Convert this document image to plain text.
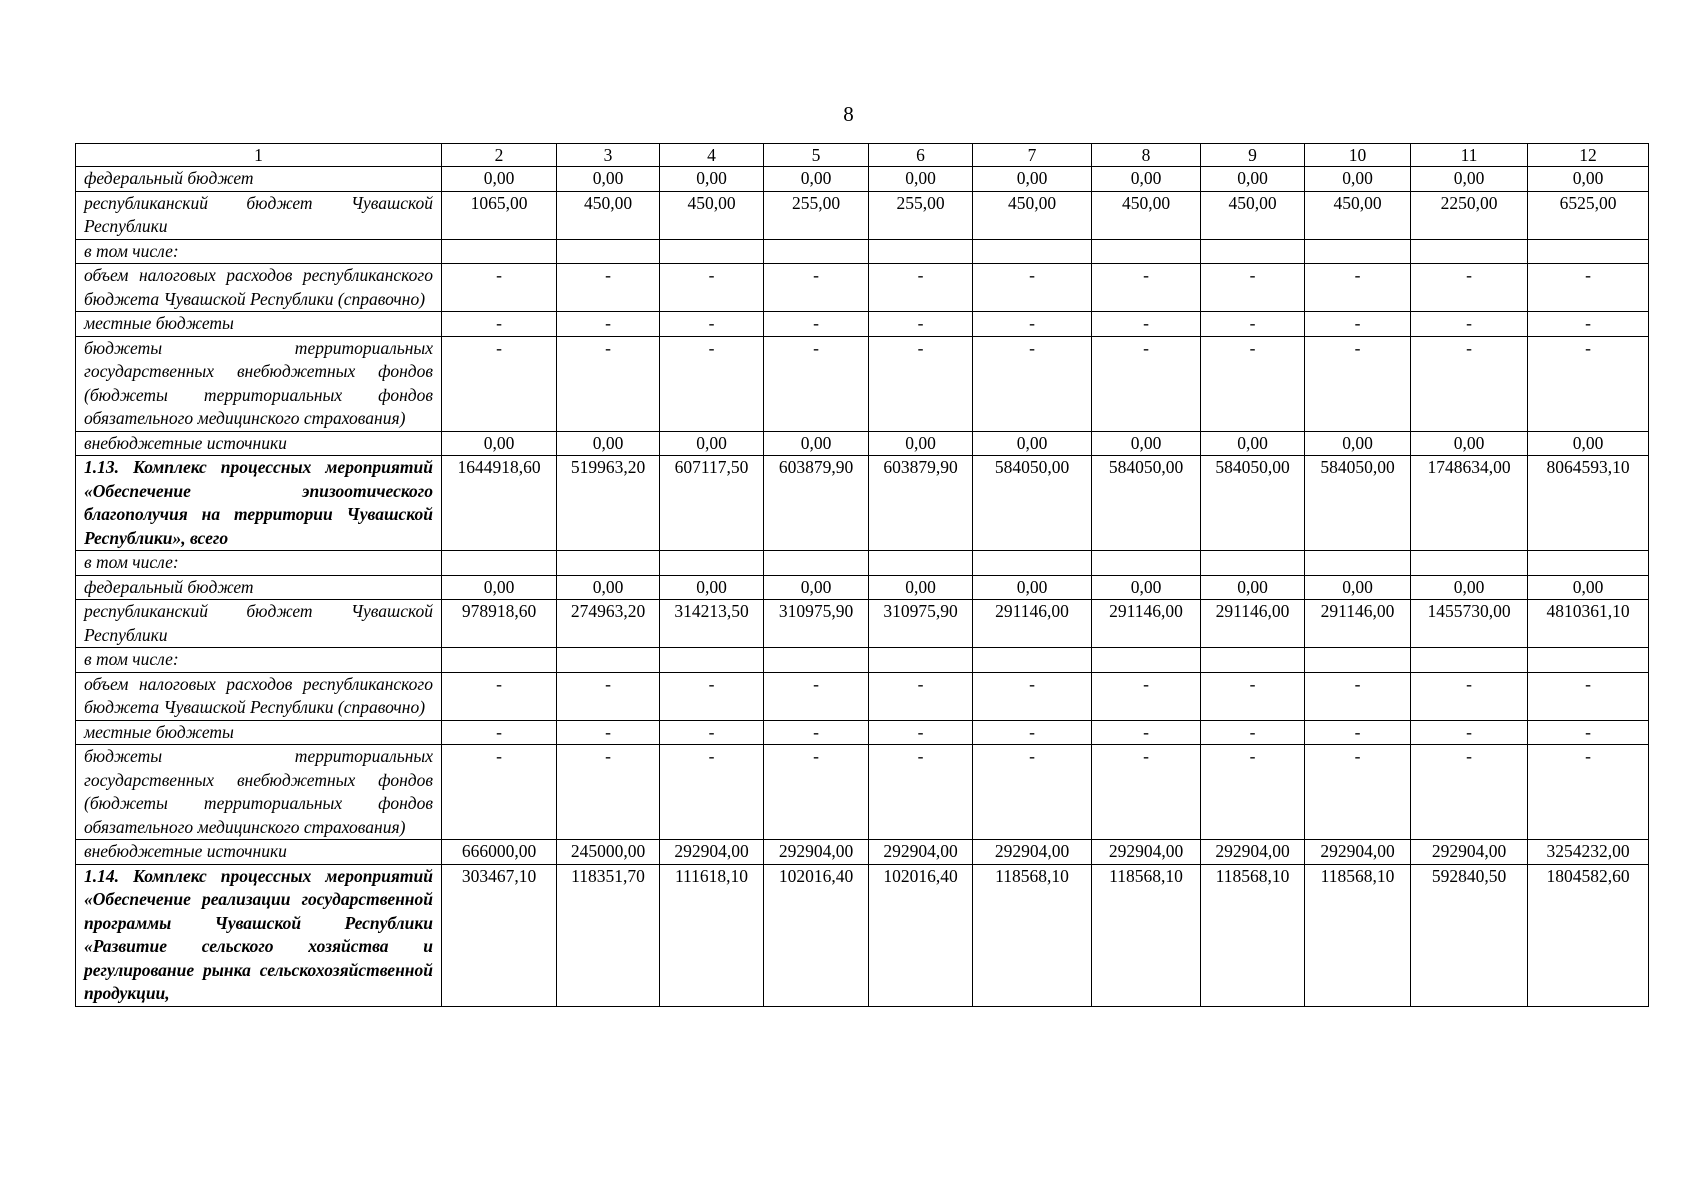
8
1	2	3	4	5	6	7	8	9	10	11	12
федеральный бюджет	0,00	0,00	0,00	0,00	0,00	0,00	0,00	0,00	0,00	0,00	0,00
республиканский бюджет Чувашской Республики	1065,00	450,00	450,00	255,00	255,00	450,00	450,00	450,00	450,00	2250,00	6525,00
в том числе:											
объем налоговых расходов республиканского бюджета Чувашской Республики (справочно)	-	-	-	-	-	-	-	-	-	-	-
местные бюджеты	-	-	-	-	-	-	-	-	-	-	-
бюджеты территориальных государственных внебюджетных фондов (бюджеты территориальных фондов обязательного медицинского страхования)	-	-	-	-	-	-	-	-	-	-	-
внебюджетные источники	0,00	0,00	0,00	0,00	0,00	0,00	0,00	0,00	0,00	0,00	0,00
1.13. Комплекс процессных мероприятий «Обеспечение эпизоотического благополучия на территории Чувашской Республики», всего	1644918,60	519963,20	607117,50	603879,90	603879,90	584050,00	584050,00	584050,00	584050,00	1748634,00	8064593,10
в том числе:											
федеральный бюджет	0,00	0,00	0,00	0,00	0,00	0,00	0,00	0,00	0,00	0,00	0,00
республиканский бюджет Чувашской Республики	978918,60	274963,20	314213,50	310975,90	310975,90	291146,00	291146,00	291146,00	291146,00	1455730,00	4810361,10
в том числе:											
объем налоговых расходов республиканского бюджета Чувашской Республики (справочно)	-	-	-	-	-	-	-	-	-	-	-
местные бюджеты	-	-	-	-	-	-	-	-	-	-	-
бюджеты территориальных государственных внебюджетных фондов (бюджеты территориальных фондов обязательного медицинского страхования)	-	-	-	-	-	-	-	-	-	-	-
внебюджетные источники	666000,00	245000,00	292904,00	292904,00	292904,00	292904,00	292904,00	292904,00	292904,00	292904,00	3254232,00
1.14. Комплекс процессных мероприятий «Обеспечение реализации государственной программы Чувашской Республики «Развитие сельского хозяйства и регулирование рынка сельскохозяйственной продукции,	303467,10	118351,70	111618,10	102016,40	102016,40	118568,10	118568,10	118568,10	118568,10	592840,50	1804582,60
